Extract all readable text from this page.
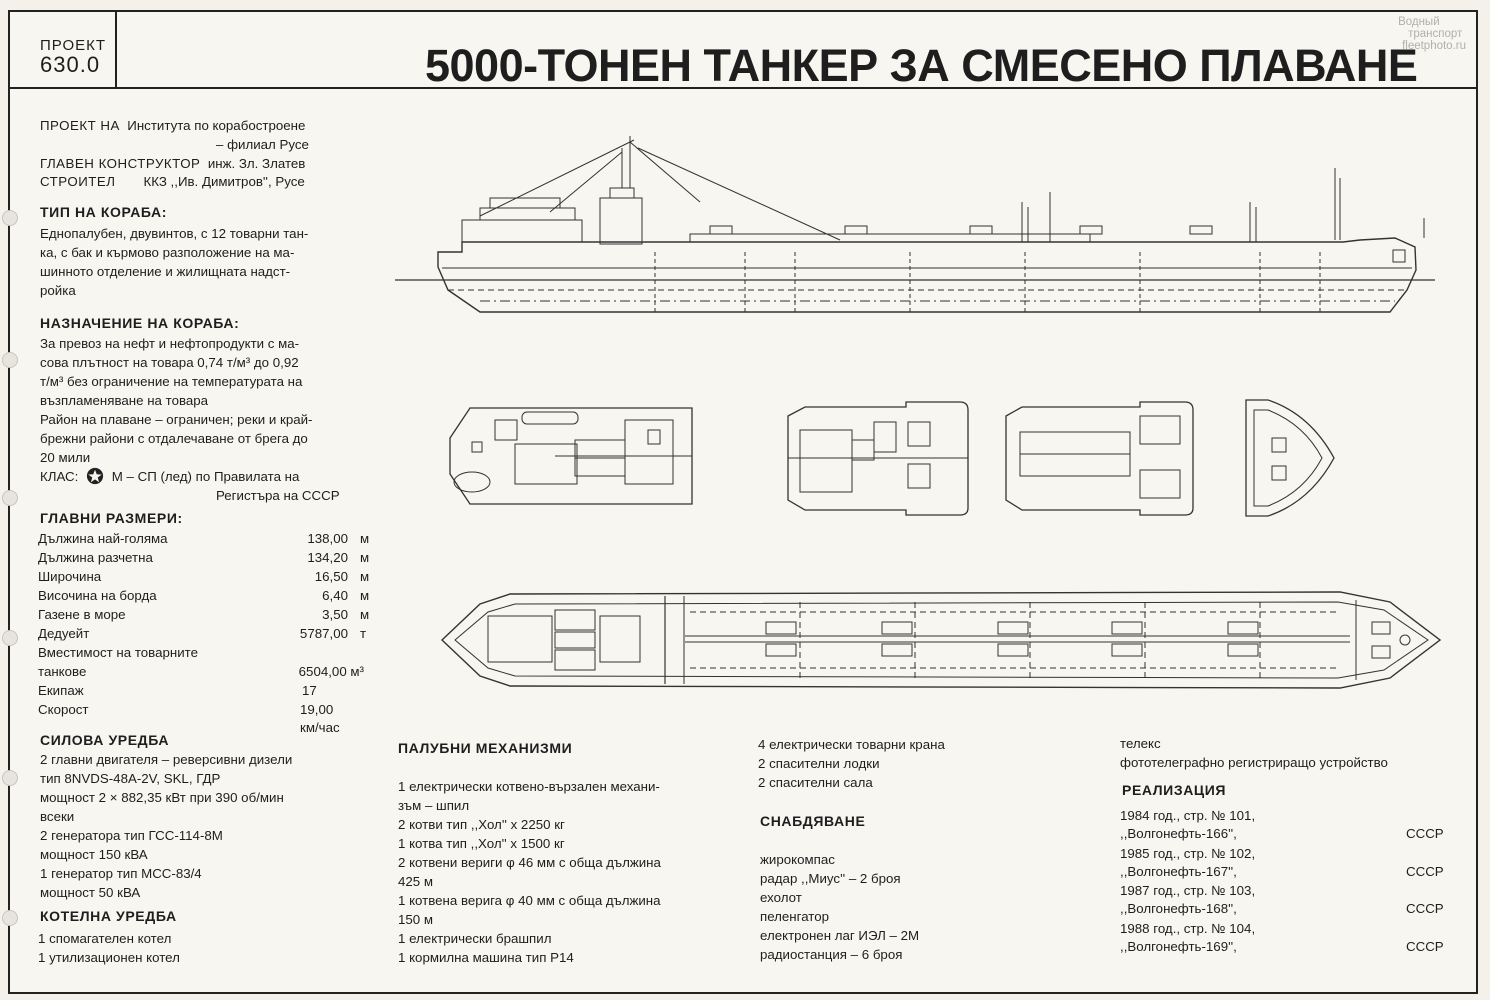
ПРОЕКТ
630.0	5000-ТОНЕН ТАНКЕР ЗА СМЕСЕНО ПЛАВАНЕ
Водный
транспорт
fleetphoto.ru
ПРОЕКТ НА Института по корабостроене
– филиал Русе
ГЛАВЕН КОНСТРУКТОР инж. Зл. Златев
СТРОИТЕЛ ККЗ ,,Ив. Димитров'', Русе
ТИП НА КОРАБА:
Еднопалубен, двувинтов, с 12 товарни тан-
ка, с бак и кърмово разположение на ма-
шинното отделение и жилищната надст-
ройка
НАЗНАЧЕНИЕ НА КОРАБА:
За превоз на нефт и нефтопродукти с ма-
сова плътност на товара 0,74 т/м³ до 0,92
т/м³ без ограничение на температурата на
възпламеняване на товара
Район на плаване – ограничен; реки и край-
брежни райони с отдалечаване от брега до
20 мили
КЛАС:	М – СП (лед) по Правилата на
Регистъра на СССР
ГЛАВНИ РАЗМЕРИ:
Дължина най-голяма	138,00 м
Дължина разчетна	134,20 м
Широчина	16,50 м
Височина на борда	6,40 м
Газене в море	3,50 м
Дедуейт	5787,00 т
Вместимост на товарните
танкове	6504,00 м³
Екипаж	17
Скорост	19,00
км/час
СИЛОВА УРЕДБА
2 главни двигателя – реверсивни дизели
тип 8NVDS-48A-2V, SKL, ГДР
мощност 2 × 882,35 кВт при 390 об/мин
всеки
2 генератора тип ГСС-114-8М
мощност 150 кВА
1 генератор тип МСС-83/4
мощност 50 кВА
КОТЕЛНА УРЕДБА
1 спомагателен котел
1 утилизационен котел
ПАЛУБНИ МЕХАНИЗМИ
1 електрически котвено-вързален механи-
зъм – шпил
2 котви тип ,,Хол'' х 2250 кг
1 котва тип ,,Хол'' х 1500 кг
2 котвени вериги φ 46 мм с обща дължина
425 м
1 котвена верига φ 40 мм с обща дължина
150 м
1 електрически брашпил
1 кормилна машина тип Р14
4 електрически товарни крана
2 спасителни лодки
2 спасителни сала
СНАБДЯВАНЕ
жирокомпас
радар ,,Миус'' – 2 броя
ехолот
пеленгатор
електронен лаг ИЭЛ – 2М
радиостанция – 6 броя
телекс
фототелеграфно регистриращо устройство
РЕАЛИЗАЦИЯ
1984 год., стр. № 101,
,,Волгонефть-166'',	СССР
1985 год., стр. № 102,
,,Волгонефть-167'',	СССР
1987 год., стр. № 103,
,,Волгонефть-168'',	СССР
1988 год., стр. № 104,
,,Волгонефть-169'',	СССР
